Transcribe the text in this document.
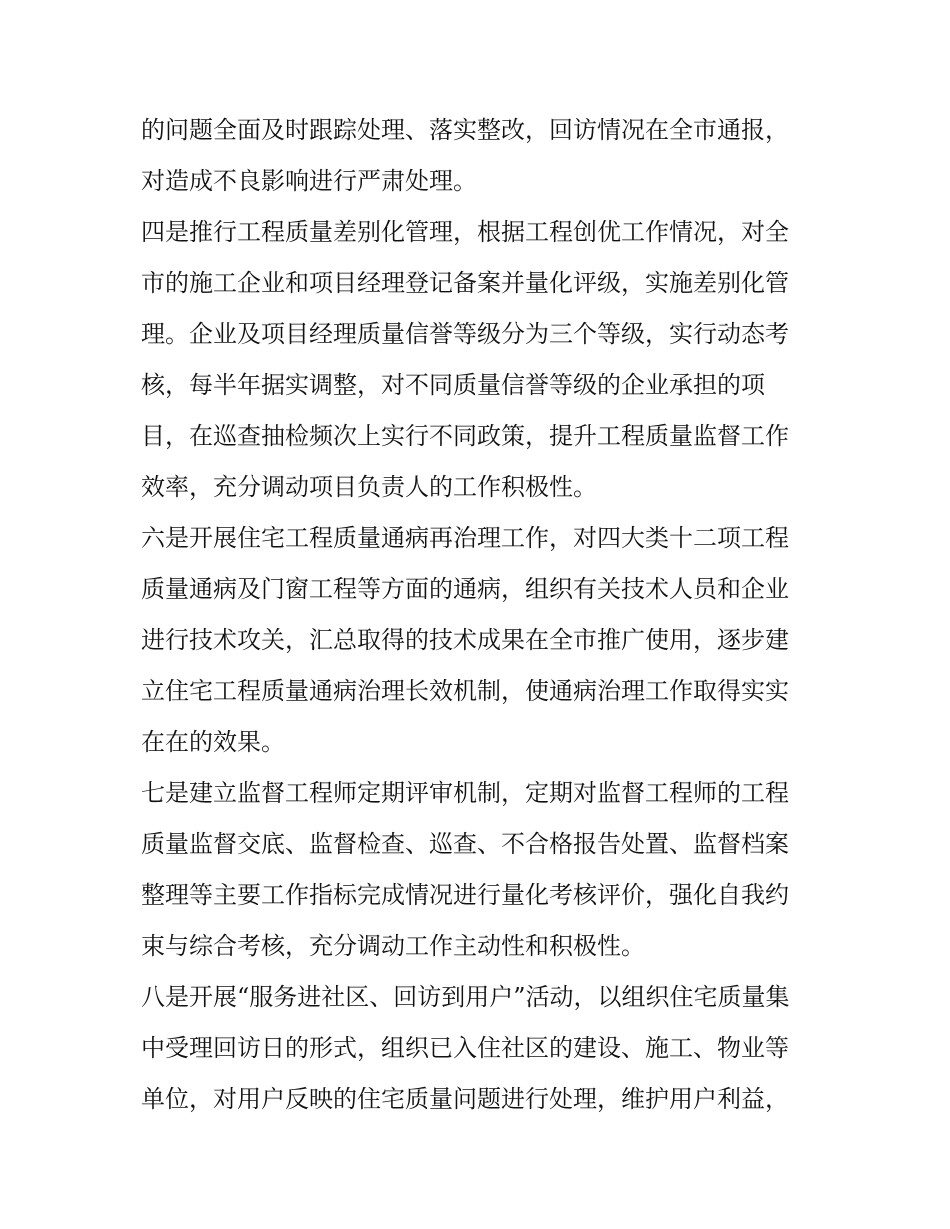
的问题全面及时跟踪处理、落实整改，回访情况在全市通报，
对造成不良影响进行严肃处理。
四是推行工程质量差别化管理，根据工程创优工作情况，对全
市的施工企业和项目经理登记备案并量化评级，实施差别化管
理。企业及项目经理质量信誉等级分为三个等级，实行动态考
核，每半年据实调整，对不同质量信誉等级的企业承担的项
目，在巡查抽检频次上实行不同政策，提升工程质量监督工作
效率，充分调动项目负责人的工作积极性。
六是开展住宅工程质量通病再治理工作，对四大类十二项工程
质量通病及门窗工程等方面的通病，组织有关技术人员和企业
进行技术攻关，汇总取得的技术成果在全市推广使用，逐步建
立住宅工程质量通病治理长效机制，使通病治理工作取得实实
在在的效果。
七是建立监督工程师定期评审机制，定期对监督工程师的工程
质量监督交底、监督检查、巡查、不合格报告处置、监督档案
整理等主要工作指标完成情况进行量化考核评价，强化自我约
束与综合考核，充分调动工作主动性和积极性。
八是开展“服务进社区、回访到用户”活动，以组织住宅质量集
中受理回访日的形式，组织已入住社区的建设、施工、物业等
单位，对用户反映的住宅质量问题进行处理，维护用户利益，
